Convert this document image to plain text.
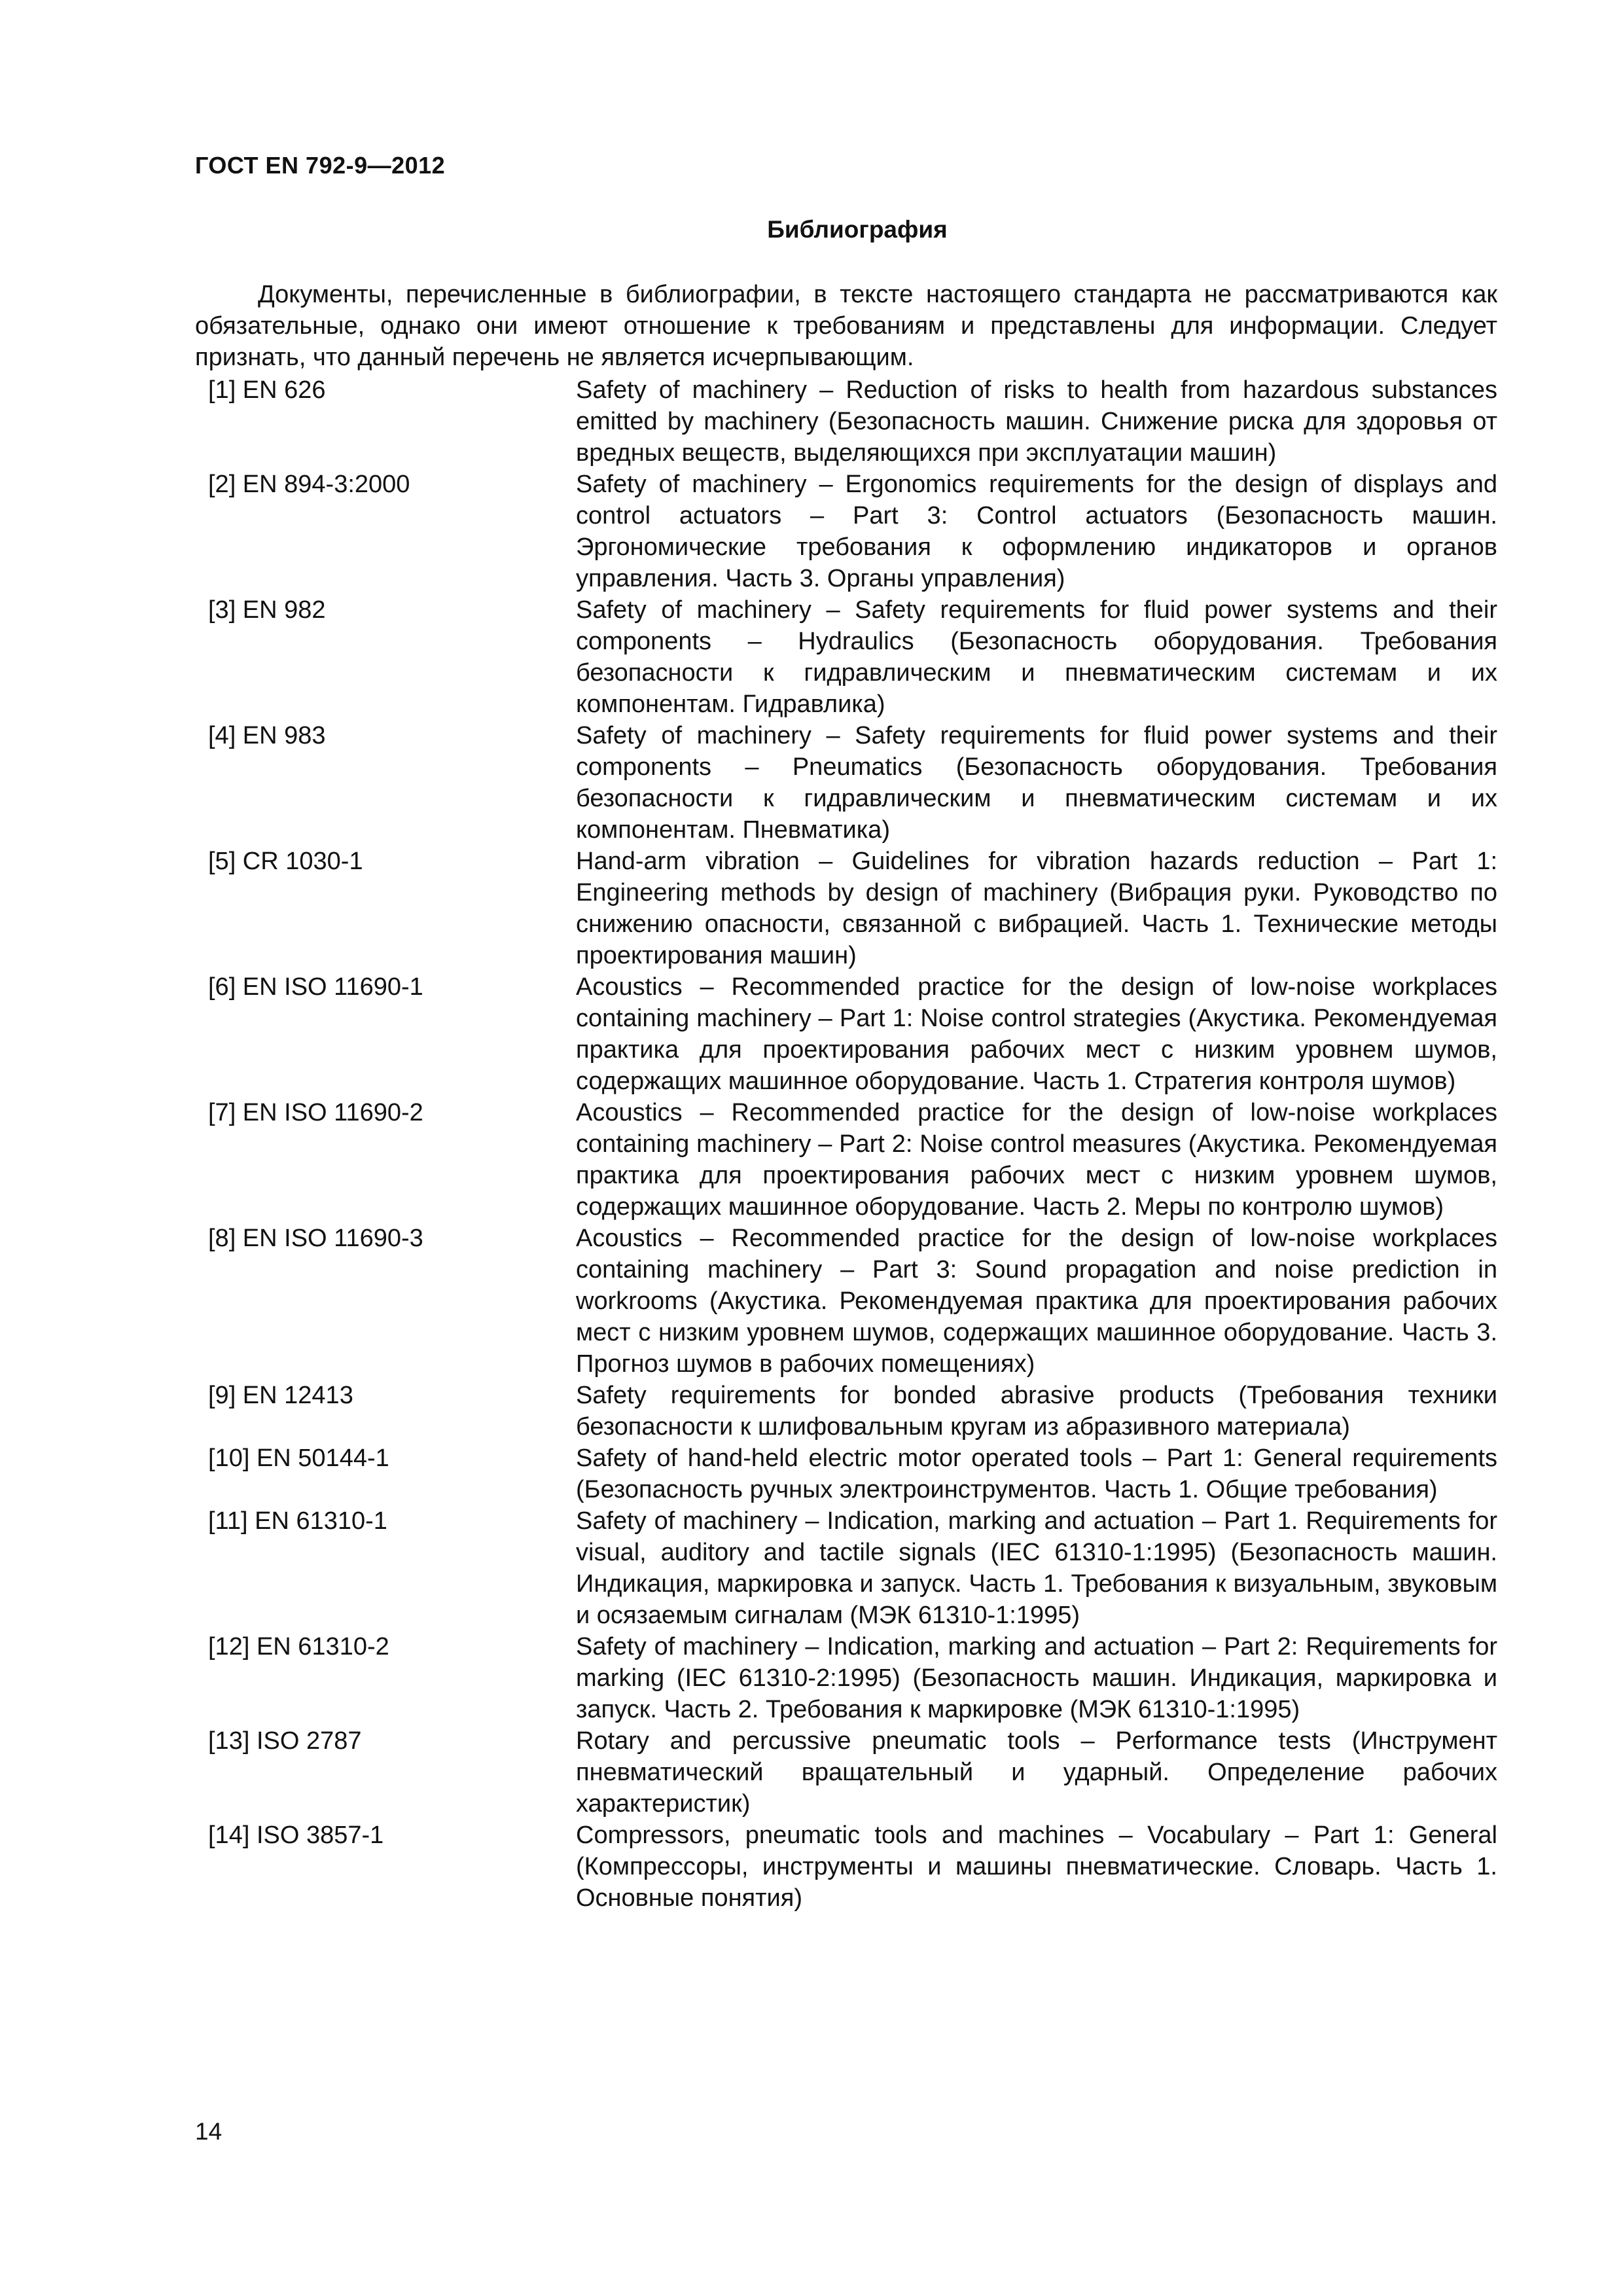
ГОСТ EN 792-9—2012
Библиография

Документы, перечисленные в библиографии, в тексте настоящего стандарта не рассматриваются как обязательные, однако они имеют отношение к требованиям и представлены для информации. Следует признать, что данный перечень не является исчерпывающим.

[1] EN 626	Safety of machinery – Reduction of risks to health from hazardous substances emitted by machinery (Безопасность машин. Снижение риска для здоровья от вредных веществ, выделяющихся при эксплуатации машин)
[2] EN 894-3:2000	Safety of machinery – Ergonomics requirements for the design of displays and control actuators – Part 3: Control actuators (Безопасность машин. Эргономические требования к оформлению индикаторов и органов управления. Часть 3. Органы управления)
[3] EN 982	Safety of machinery – Safety requirements for fluid power systems and their components – Hydraulics (Безопасность оборудования. Требования безопасности к гидравлическим и пневматическим системам и их компонентам. Гидравлика)
[4] EN 983	Safety of machinery – Safety requirements for fluid power systems and their components – Pneumatics (Безопасность оборудования. Требования безопасности к гидравлическим и пневматическим системам и их компонентам. Пневматика)
[5] CR 1030-1	Hand-arm vibration – Guidelines for vibration hazards reduction – Part 1: Engineering methods by design of machinery (Вибрация руки. Руководство по снижению опасности, связанной с вибрацией. Часть 1. Технические методы проектирования машин)
[6] EN ISO 11690-1	Acoustics – Recommended practice for the design of low-noise workplaces containing machinery – Part 1: Noise control strategies (Акустика. Рекомендуемая практика для проектирования рабочих мест с низким уровнем шумов, содержащих машинное оборудование. Часть 1. Стратегия контроля шумов)
[7] EN ISO 11690-2	Acoustics – Recommended practice for the design of low-noise workplaces containing machinery – Part 2: Noise control measures (Акустика. Рекомендуемая практика для проектирования рабочих мест с низким уровнем шумов, содержащих машинное оборудование. Часть 2. Меры по контролю шумов)
[8] EN ISO 11690-3	Acoustics – Recommended practice for the design of low-noise workplaces containing machinery – Part 3: Sound propagation and noise prediction in workrooms (Акустика. Рекомендуемая практика для проектирования рабочих мест с низким уровнем шумов, содержащих машинное оборудование. Часть 3. Прогноз шумов в рабочих помещениях)
[9] EN 12413	Safety requirements for bonded abrasive products (Требования техники безопасности к шлифовальным кругам из абразивного материала)
[10] EN 50144-1	Safety of hand-held electric motor operated tools – Part 1: General requirements (Безопасность ручных электроинструментов. Часть 1. Общие требования)
[11] EN 61310-1	Safety of machinery – Indication, marking and actuation – Part 1. Requirements for visual, auditory and tactile signals (IEC 61310-1:1995) (Безопасность машин. Индикация, маркировка и запуск. Часть 1. Требования к визуальным, звуковым и осязаемым сигналам (МЭК 61310-1:1995)
[12] EN 61310-2	Safety of machinery – Indication, marking and actuation – Part 2: Requirements for marking (IEC 61310-2:1995) (Безопасность машин. Индикация, маркировка и запуск. Часть 2. Требования к маркировке (МЭК 61310-1:1995)
[13] ISO 2787	Rotary and percussive pneumatic tools – Performance tests (Инструмент пневматический вращательный и ударный. Определение рабочих характеристик)
[14] ISO 3857-1	Compressors, pneumatic tools and machines – Vocabulary – Part 1: General (Компрессоры, инструменты и машины пневматические. Словарь. Часть 1. Основные понятия)
14
